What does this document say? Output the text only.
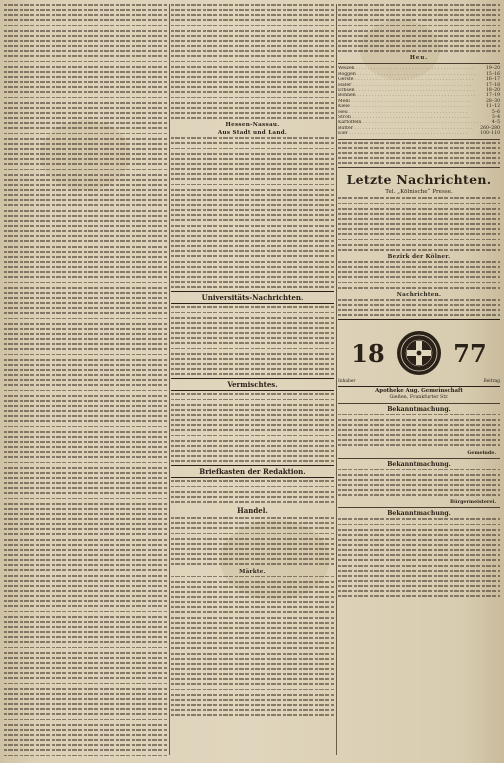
Hessen-Nassau.
Aus Stadt und Land.
Universitäts-Nachrichten.
Vermischtes.
Briefkasten der Redaktion.
Handel.
Märkte.
Heu.
Weizen . . .	19–20
Roggen . . .	15–16
Gerste . . .	16–17
Hafer . . .	17–18
Erbsen . . .	18–20
Bohnen . . .	17–19
Mehl . . .	28–30
Kleie . . .	11–12
Heu . . .	5–6
Stroh . . .	3–4
Kartoffeln . . .	4–5
Butter . . .	260–280
Eier . . .	100–110
Letzte Nachrichten.
Tel. „Kölnische“ Presse.
Bezirk der Kölner.
Nachrichten.
18	77
Inhaber	Beitrag
Apotheke Aug. Gemeinschaft
Gießen, Frankfurter Str.
Bekanntmachung.
Gemeinde.
Bekanntmachung.
Bürgermeisterei.
Bekanntmachung.
